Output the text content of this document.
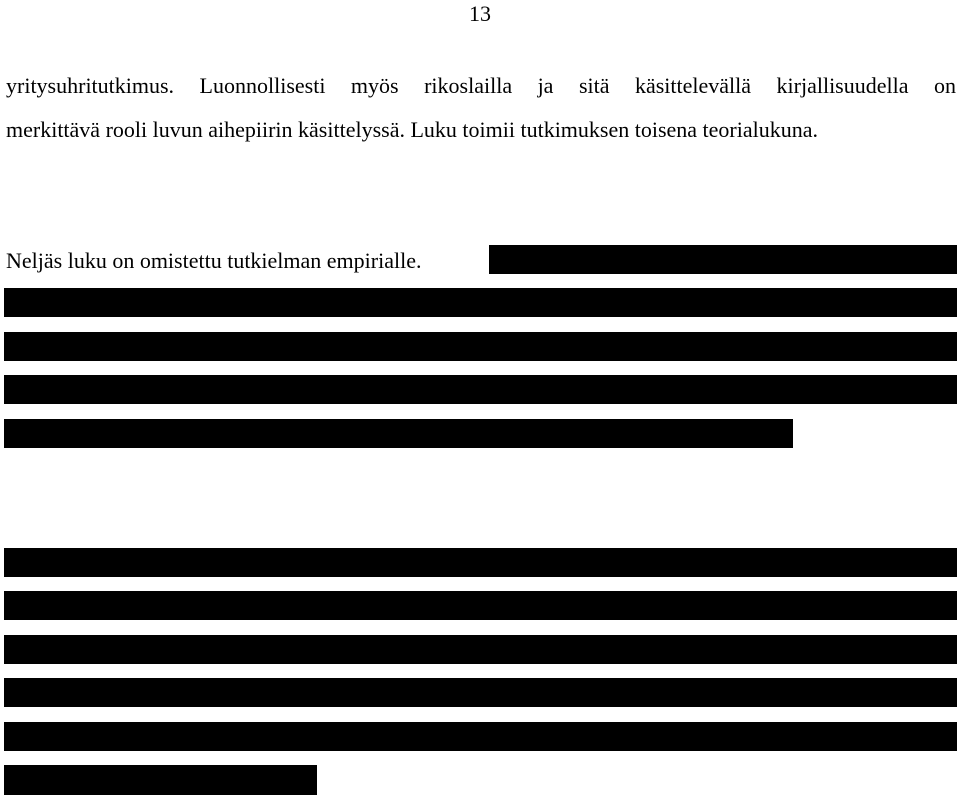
13
yritysuhritutkimus. Luonnollisesti myös rikoslailla ja sitä käsittelevällä kirjallisuudella on
merkittävä rooli luvun aihepiirin käsittelyssä. Luku toimii tutkimuksen toisena teorialukuna.
Neljäs luku on omistettu tutkielman empirialle.
